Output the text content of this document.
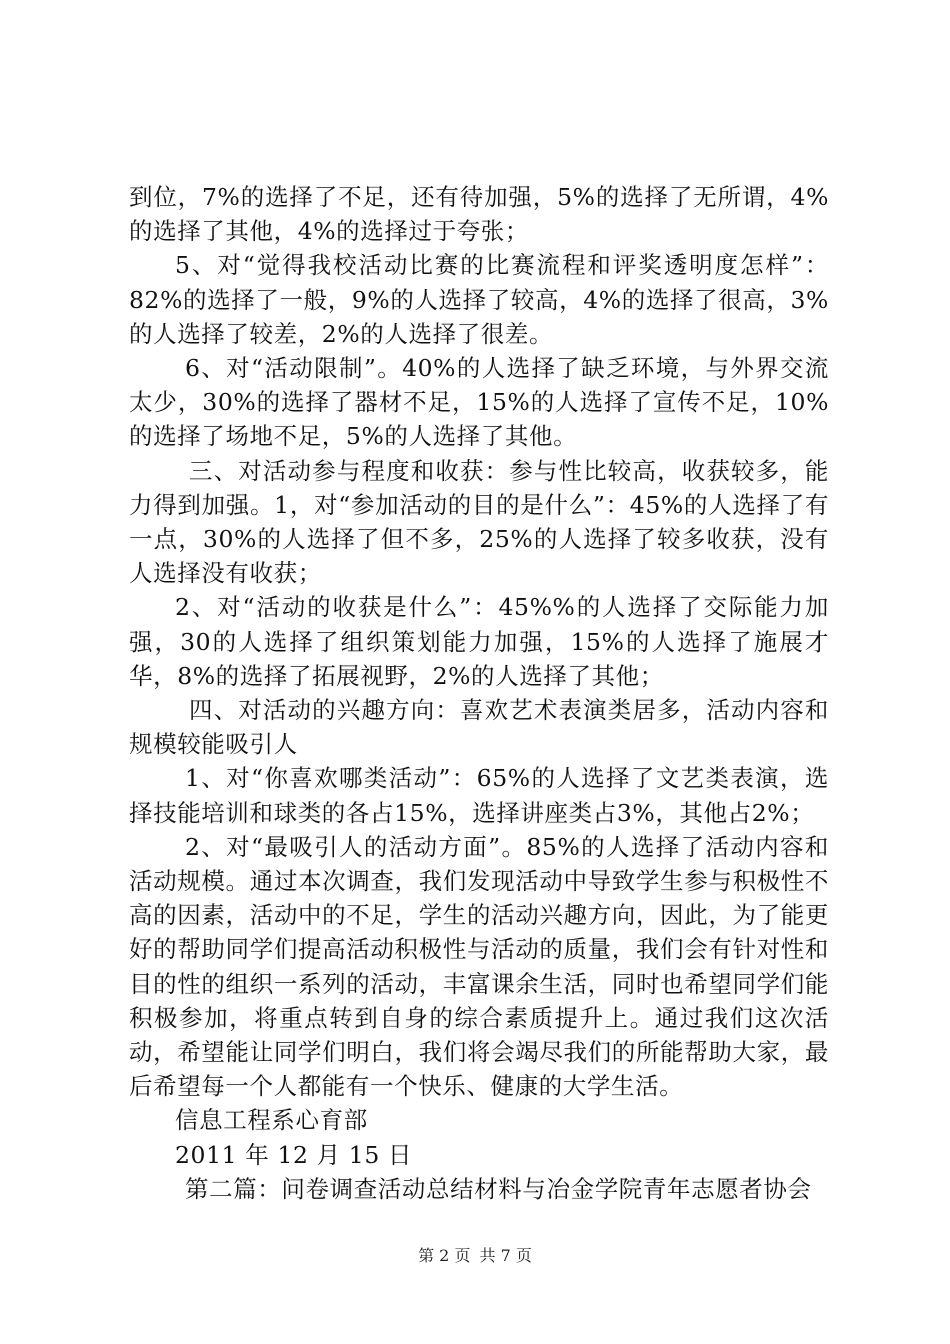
到位，7%的选择了不足，还有待加强，5%的选择了无所谓，4%的选择了其他，4%的选择过于夸张；

5、对“觉得我校活动比赛的比赛流程和评奖透明度怎样”：82%的选择了一般，9%的人选择了较高，4%的选择了很高，3%的人选择了较差，2%的人选择了很差。

6、对“活动限制”。40%的人选择了缺乏环境，与外界交流太少，30%的选择了器材不足，15%的人选择了宣传不足，10%的选择了场地不足，5%的人选择了其他。

三、对活动参与程度和收获：参与性比较高，收获较多，能力得到加强。1，对“参加活动的目的是什么”：45%的人选择了有一点，30%的人选择了但不多，25%的人选择了较多收获，没有人选择没有收获；

2、对“活动的收获是什么”：45%%的人选择了交际能力加强，30的人选择了组织策划能力加强，15%的人选择了施展才华，8%的选择了拓展视野，2%的人选择了其他；

四、对活动的兴趣方向：喜欢艺术表演类居多，活动内容和规模较能吸引人

1、对“你喜欢哪类活动”：65%的人选择了文艺类表演，选择技能培训和球类的各占15%，选择讲座类占3%，其他占2%；

2、对“最吸引人的活动方面”。85%的人选择了活动内容和活动规模。通过本次调查，我们发现活动中导致学生参与积极性不高的因素，活动中的不足，学生的活动兴趣方向，因此，为了能更好的帮助同学们提高活动积极性与活动的质量，我们会有针对性和目的性的组织一系列的活动，丰富课余生活，同时也希望同学们能积极参加，将重点转到自身的综合素质提升上。通过我们这次活动，希望能让同学们明白，我们将会竭尽我们的所能帮助大家，最后希望每一个人都能有一个快乐、健康的大学生活。

信息工程系心育部

2011 年 12 月 15 日

第二篇：问卷调查活动总结材料与冶金学院青年志愿者协会

第 2 页 共 7 页
